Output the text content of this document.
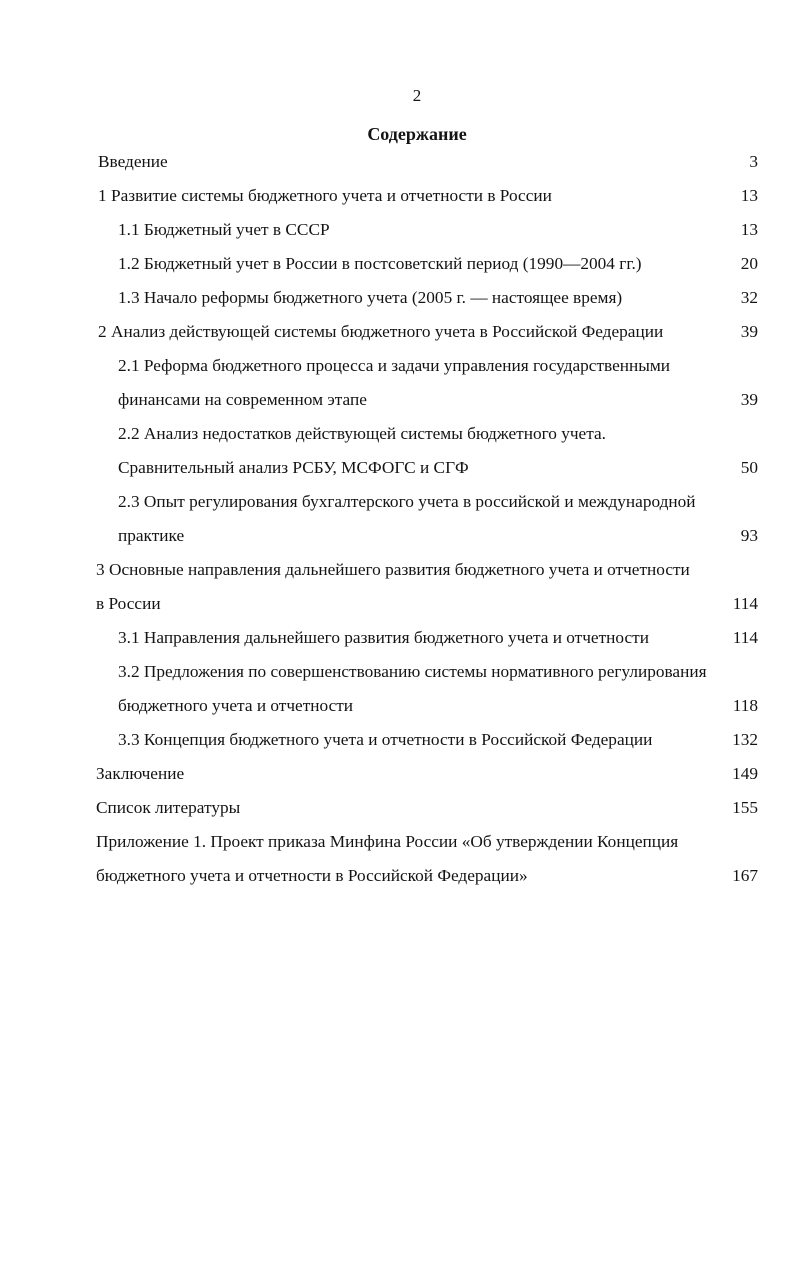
2
Содержание
Введение	3
1 Развитие системы бюджетного учета и отчетности в России	13
1.1 Бюджетный учет в СССР	13
1.2 Бюджетный учет в России в постсоветский период (1990—2004 гг.)	20
1.3 Начало реформы бюджетного учета (2005 г. — настоящее время)	32
2 Анализ действующей системы бюджетного учета в Российской Федерации	39
2.1 Реформа бюджетного процесса и задачи управления государственными
финансами на современном этапе	39
2.2 Анализ недостатков действующей системы бюджетного учета.
Сравнительный анализ РСБУ, МСФОГС и СГФ	50
2.3 Опыт регулирования бухгалтерского учета в российской и международной
практике	93
3 Основные направления дальнейшего развития бюджетного учета и отчетности
в России	114
3.1 Направления дальнейшего развития бюджетного учета и отчетности	114
3.2 Предложения по совершенствованию системы нормативного регулирования
бюджетного учета и отчетности	118
3.3 Концепция бюджетного учета и отчетности в Российской Федерации	132
Заключение	149
Список литературы	155
Приложение 1. Проект приказа Минфина России «Об утверждении Концепция
бюджетного учета и отчетности в Российской Федерации»	167
